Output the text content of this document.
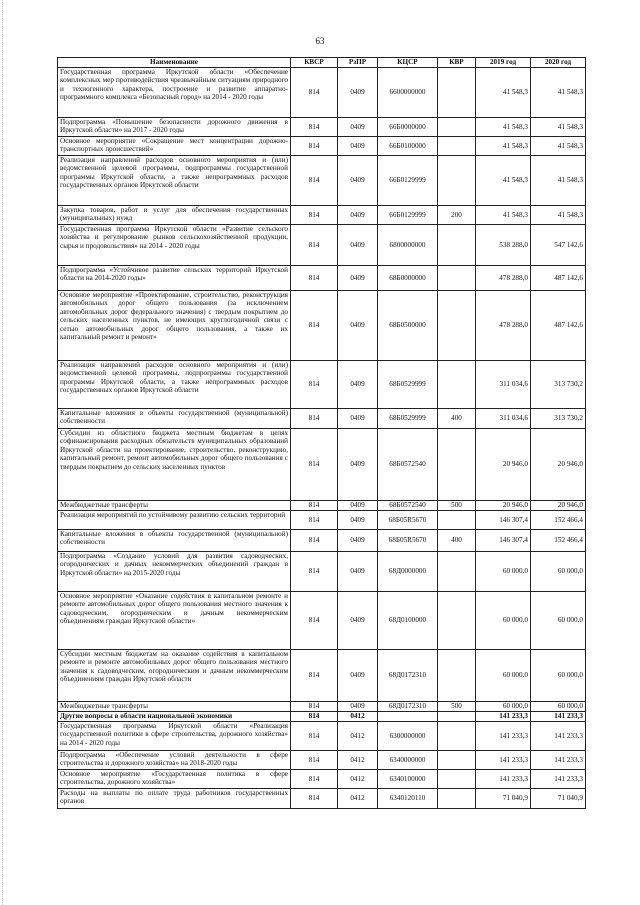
63
Наименование	КВСР	РзПР	КЦСР	КВР	2019 год	2020 год
Государственная программа Иркутской области «Обеспечение комплексных мер противодействия чрезвычайным ситуациям природного и техногенного характера, построение и развитие аппаратно-программного комплекса «Безопасный город» на 2014 - 2020 годы	814	0409	6600000000		41 548,3	41 548,3
Подпрограмма «Повышение безопасности дорожного движения в Иркутской области» на 2017 - 2020 годы	814	0409	66Б0000000		41 548,3	41 548,3
Основное мероприятие «Сокращение мест концентрации дорожно-транспортных происшествий»	814	0409	66Б0100000		41 548,3	41 548,3
Реализация направлений расходов основного мероприятия и (или) ведомственной целевой программы, подпрограммы государственной программы Иркутской области, а также непрограммных расходов государственных органов Иркутской области	814	0409	66Б0129999		41 548,3	41 548,3
Закупка товаров, работ и услуг для обеспечения государственных (муниципальных) нужд	814	0409	66Б0129999	200	41 548,3	41 548,3
Государственная программа Иркутской области «Развитие сельского хозяйства и регулирование рынков сельскохозяйственной продукции, сырья и продовольствия» на 2014 - 2020 годы	814	0409	6800000000		538 288,0	547 142,6
Подпрограмма «Устойчивое развитие сельских территорий Иркутской области на 2014-2020 годы»	814	0409	68Б0000000		478 288,0	487 142,6
Основное мероприятие «Проектирование, строительство, реконструкция автомобильных дорог общего пользования (за исключением автомобильных дорог федерального значения) с твердым покрытием до сельских населенных пунктов, не имеющих круглогодичной связи с сетью автомобильных дорог общего пользования, а также их капитальный ремонт и ремонт»	814	0409	68Б0500000		478 288,0	487 142,6
Реализация направлений расходов основного мероприятия и (или) ведомственной целевой программы, подпрограммы государственной программы Иркутской области, а также непрограммных расходов государственных органов Иркутской области	814	0409	68Б0529999		311 034,6	313 730,2
Капитальные вложения в объекты государственной (муниципальной) собственности	814	0409	68Б0529999	400	311 034,6	313 730,2
Субсидии из областного бюджета местным бюджетам в целях софинансирования расходных обязательств муниципальных образований Иркутской области на проектирование, строительство, реконструкцию, капитальный ремонт, ремонт автомобильных дорог общего пользования с твердым покрытием до сельских населенных пунктов	814	0409	68Б0572540		20 946,0	20 946,0
Межбюджетные трансферты	814	0409	68Б0572540	500	20 946,0	20 946,0
Реализация мероприятий по устойчивому развитию сельских территорий	814	0409	68Б05R5670		146 307,4	152 466,4
Капитальные вложения в объекты государственной (муниципальной) собственности	814	0409	68Б05R5670	400	146 307,4	152 466,4
Подпрограмма «Создание условий для развития садоводческих, огороднических и дачных некоммерческих объединений граждан в Иркутской области» на 2015-2020 годы	814	0409	68Д0000000		60 000,0	60 000,0
Основное мероприятие «Оказание содействия в капитальном ремонте и ремонте автомобильных дорог общего пользования местного значения к садоводческим, огородническим и дачным некоммерческим объединениям граждан Иркутской области»	814	0409	68Д0100000		60 000,0	60 000,0
Субсидии местным бюджетам на оказание содействия в капитальном ремонте и ремонте автомобильных дорог общего пользования местного значения к садоводческим, огородническим и дачным некоммерческим объединениям граждан Иркутской области	814	0409	68Д0172310		60 000,0	60 000,0
Межбюджетные трансферты	814	0409	68Д0172310	500	60 000,0	60 000,0
Другие вопросы в области национальной экономики	814	0412			141 233,3	141 233,3
Государственная программа Иркутской области «Реализация государственной политики в сфере строительства, дорожного хозяйства» на 2014 - 2020 годы	814	0412	6300000000		141 233,3	141 233,3
Подпрограмма «Обеспечение условий деятельности в сфере строительства и дорожного хозяйства» на 2018-2020 годы	814	0412	6340000000		141 233,3	141 233,3
Основное мероприятие «Государственная политика в сфере строительства, дорожного хозяйства»	814	0412	6340100000		141 233,3	141 233,3
Расходы на выплаты по оплате труда работников государственных органов	814	0412	6340120110		71 040,9	71 040,9
